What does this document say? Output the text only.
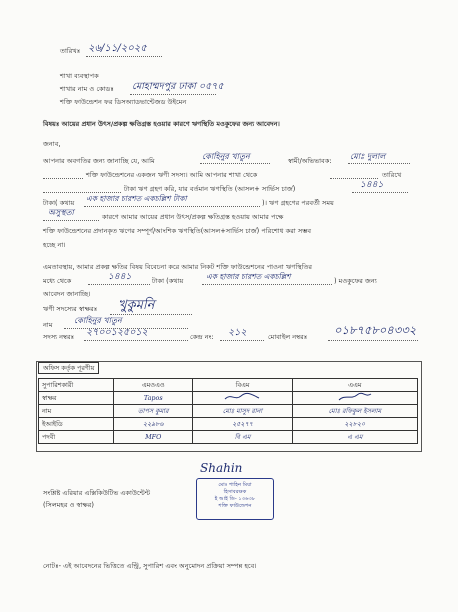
তারিখঃ ২৬/১১/২০২৫
শাখা ব্যবস্থাপক
শাখার নাম ও কোডঃ মোহাম্মদপুর ঢাকা ০৫৭৫
শক্তি ফাউন্ডেশন ফর ডিসঅ্যাডভান্টেজড উইমেন
বিষয়ঃ আয়ের প্রধান উৎস/প্রকল্প ক্ষতিগ্রস্ত হওয়ার কারণে ঋণস্থিতি মওকুফের জন্য আবেদন।
জনাব,
আপনার অবগতির জন্য জানাচ্ছি যে, আমি	কোহিনুর খাতুন	স্বামী/অভিভাবক: মোঃ দুলাল
শক্তি ফাউন্ডেশনের একজন ঋণী সদস্য। আমি আপনার শাখা থেকে	তারিখে
টাকা ঋণ গ্রহণ করি, যার বর্তমান ঋণস্থিতি (আসল+ সার্ভিস চার্জ)	১৪৪১
টাকা( কথায় এক হাজার চারশত একচল্লিশ টাকা	)। ঋণ গ্রহণের পরবর্তী সময়
অসুস্থতা	কারণে আমার আয়ের প্রধান উৎস/প্রকল্প ক্ষতিগ্রস্ত হওয়ায় আমার পক্ষে
শক্তি ফাউন্ডেশনের প্রদানকৃত ঋণের সম্পূর্ণ/আংশিক ঋণস্থিতি(আসল+সার্ভিস চার্জ) পরিশোধ করা সম্ভব
হচ্ছে না।
এমতাবস্থায়, আমার প্রকল্প ক্ষতির বিষয় বিবেচনা করে আমার নিকট শক্তি ফাউন্ডেশনের পাওনা ঋণস্থিতির
মধ্যে থেকে	১৪৪১	টাকা (কথায়	এক হাজার চারশত একচল্লিশ	) মওকুফের জন্য
আবেদন জানাচ্ছি।
ঋণী সদস্যের স্বাক্ষরঃ খুকুমনি
নাম	কোহিনুর খাতুন
সদস্য নম্বরঃ ২৭০০১২৫০১২	কেন্দ্র নং: ২১২	মোবাইল নম্বরঃ ০১৮৭৫৮০৪৩৩২
অফিস কর্তৃক পূরণীয়
সুপারিশকারী	এমওএও	বিএম	এএম
স্বাক্ষর	Tapos		
নাম	তাপস কুমার	মোঃ মাসুদ রানা	মোঃ রফিকুল ইসলাম
ইআইডি	২২৯৮৬	২৫২৭৭	২২৮২০
পদবী	MFO	বি এম	এ এম
Shahin
সংশ্লিষ্ট এরিয়ার এক্সিকিউটিভ একাউন্টেন্ট
(সিলমহর ও স্বাক্ষর)
মোঃ শাহিন মিয়া
হিসাবরক্ষক
ই আই ডি- ১৩৬৩৮
শক্তি ফাউন্ডেশন
নোটঃ- এই আবেদনের ভিত্তিতে এন্ট্রি, সুপারিশ এবং অনুমোদন প্রক্রিয়া সম্পন্ন হবে।
